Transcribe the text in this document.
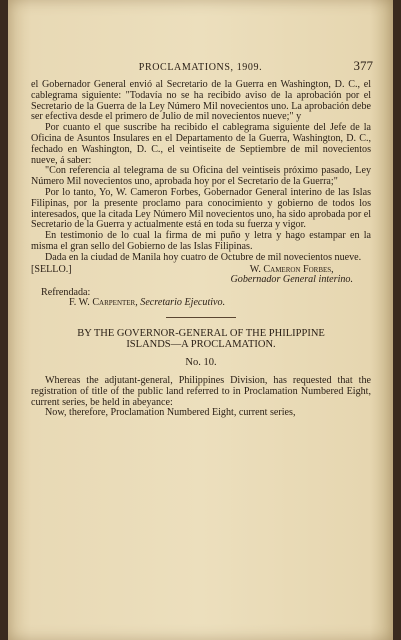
PROCLAMATIONS, 1909.	377

el Gobernador General envió al Secretario de la Guerra en Washington, D. C., el cablegrama siguiente: "Todavía no se ha recibido aviso de la aprobación por el Secretario de la Guerra de la Ley Número Mil novecientos uno. La aprobación debe ser efectiva desde el primero de Julio de mil novecientos nueve;" y

Por cuanto el que suscribe ha recibido el cablegrama siguiente del Jefe de la Oficina de Asuntos Insulares en el Departamento de la Guerra, Washington, D. C., fechado en Washington, D. C., el veintiseite de Septiembre de mil novecientos nueve, á saber:

"Con referencia al telegrama de su Oficina del veintiseis próximo pasado, Ley Número Mil novecientos uno, aprobada hoy por el Secretario de la Guerra;"

Por lo tanto, Yo, W. Cameron Forbes, Gobernador General interino de las Islas Filipinas, por la presente proclamo para conocimiento y gobierno de todos los interesados, que la citada Ley Número Mil novecientos uno, ha sido aprobada por el Secretario de la Guerra y actualmente está en toda su fuerza y vigor.

En testimonio de lo cual la firma de mi puño y letra y hago estampar en la misma el gran sello del Gobierno de las Islas Filipinas.

Dada en la ciudad de Manila hoy cuatro de Octubre de mil novecientos nueve.

[SELLO.]	W. Cameron Forbes,
Gobernador General interino.
Refrendada:
F. W. Carpenter, Secretario Ejecutivo.
BY THE GOVERNOR-GENERAL OF THE PHILIPPINE
ISLANDS—A PROCLAMATION.
No. 10.

Whereas the adjutant-general, Philippines Division, has requested that the registration of title of the public land referred to in Proclamation Numbered Eight, current series, be held in abeyance:

Now, therefore, Proclamation Numbered Eight, current series,
